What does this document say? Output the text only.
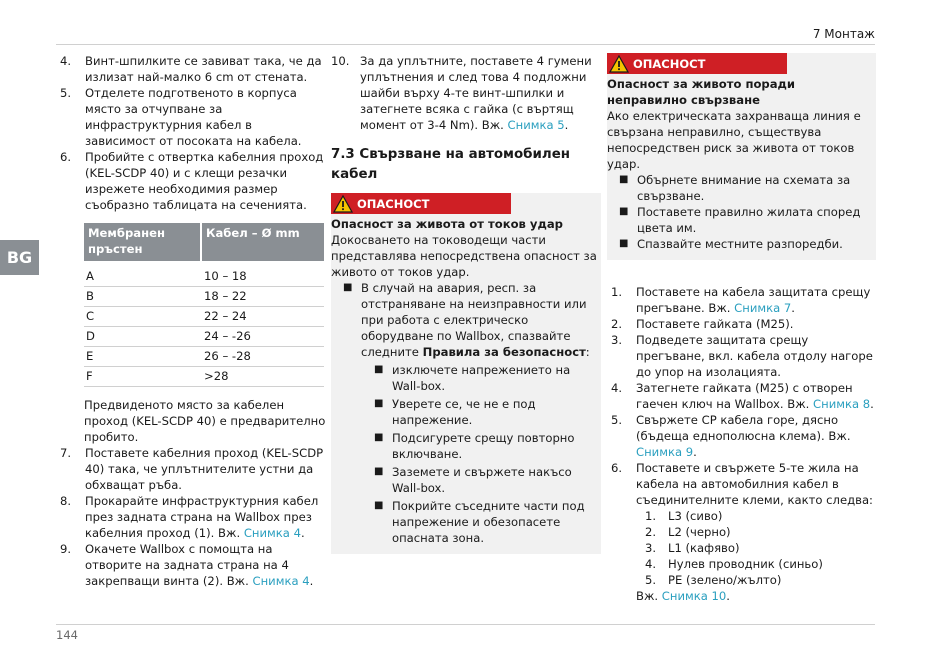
7 Монтаж
BG
4. Винт-шпилките се завиват така, че да излизат най-малко 6 cm от стената.
5. Отделете подготвеното в корпуса място за отчупване за инфраструктурния кабел в зависимост от посоката на кабела.
6. Пробийте с отвертка кабелния проход (KEL-SCDP 40) и с клещи резачки изрежете необходимия размер съобразно таблицата на сеченията.
Мембранен пръстен	Кабел – Ø mm
A	10 – 18
B	18 – 22
C	22 – 24
D	24 – -26
E	26 – -28
F	>28
Предвиденото място за кабелен проход (KEL-SCDP 40) е предварително пробито.
7. Поставете кабелния проход (KEL-SCDP 40) така, че уплътнителите устни да обхващат ръба.
8. Прокарайте инфраструктурния кабел през задната страна на Wallbox през кабелния проход (1). Вж. Снимка 4.
9. Окачете Wallbox с помощта на отворите на задната страна на 4 закрепващи винта (2). Вж. Снимка 4.
10. За да уплътните, поставете 4 гумени уплътнения и след това 4 подложни шайби върху 4-те винт-шпилки и затегнете всяка с гайка (с въртящ момент от 3-4 Nm). Вж. Снимка 5.
7.3 Свързване на автомобилен кабел
ОПАСНОСТ
Опасност за живота от токов удар
Докосването на тоководещи части представлява непосредствена опасност за живото от токов удар.
■ В случай на авария, респ. за отстраняване на неизправности или при работа с електрическо оборудване по Wallbox, спазвайте следните Правила за безопасност:
■ изключете напрежението на Wall-box.
■ Уверете се, че не е под напрежение.
■ Подсигурете срещу повторно включване.
■ Заземете и свържете накъсо Wall-box.
■ Покрийте съседните части под напрежение и обезопасете опасната зона.
ОПАСНОСТ
Опасност за живото поради неправилно свързване
Ако електрическата захранваща линия е свързана неправилно, съществува непосредствен риск за живота от токов удар.
■ Обърнете внимание на схемата за свързване.
■ Поставете правилно жилата според цвета им.
■ Спазвайте местните разпоредби.
1. Поставете на кабела защитата срещу прегъване. Вж. Снимка 7.
2. Поставете гайката (M25).
3. Подведете защитата срещу прегъване, вкл. кабела отдолу нагоре до упор на изолацията.
4. Затегнете гайката (M25) с отворен гаечен ключ на Wallbox. Вж. Снимка 8.
5. Свържете CP кабела горе, дясно (бъдеща еднополюсна клема). Вж. Снимка 9.
6. Поставете и свържете 5-те жила на кабела на автомобилния кабел в съединителните клеми, както следва:
1. L3 (сиво)
2. L2 (черно)
3. L1 (кафяво)
4. Нулев проводник (синьо)
5. PE (зелено/жълто)
Вж. Снимка 10.
144
